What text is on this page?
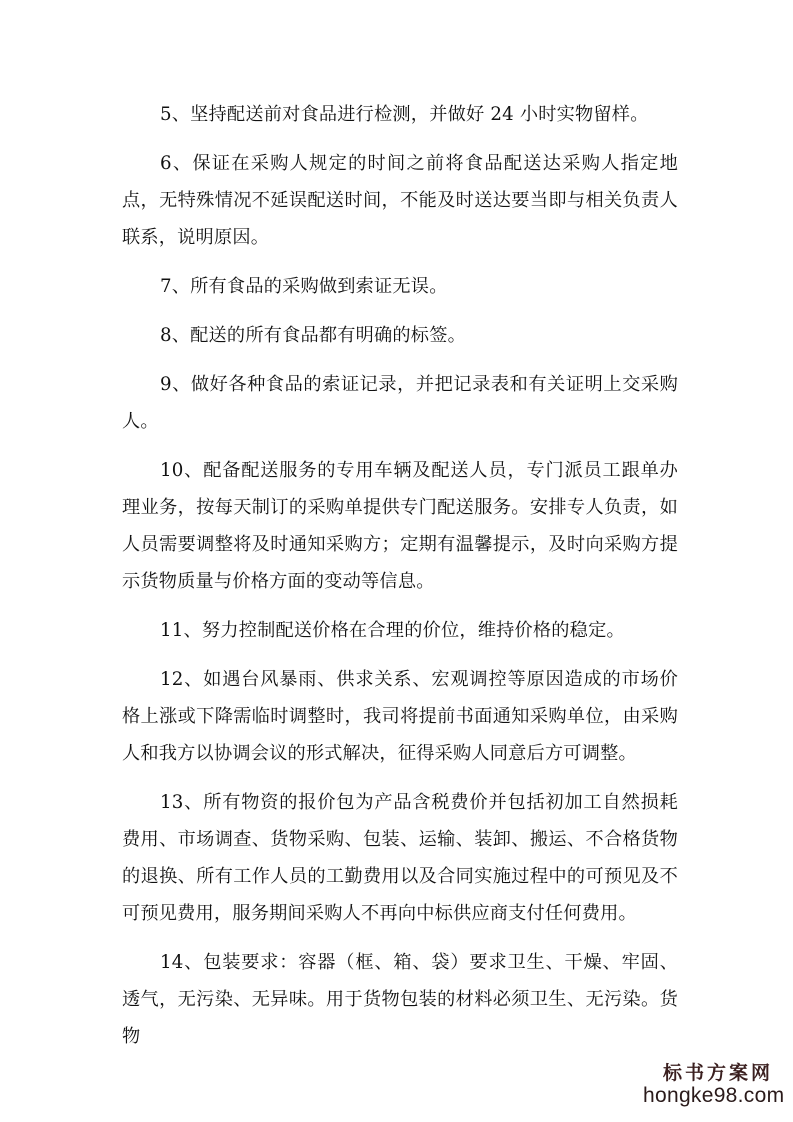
5、坚持配送前对食品进行检测，并做好 24 小时实物留样。

6、保证在采购人规定的时间之前将食品配送达采购人指定地点，无特殊情况不延误配送时间，不能及时送达要当即与相关负责人联系，说明原因。

7、所有食品的采购做到索证无误。

8、配送的所有食品都有明确的标签。

9、做好各种食品的索证记录，并把记录表和有关证明上交采购人。

10、配备配送服务的专用车辆及配送人员，专门派员工跟单办理业务，按每天制订的采购单提供专门配送服务。安排专人负责，如人员需要调整将及时通知采购方；定期有温馨提示，及时向采购方提示货物质量与价格方面的变动等信息。

11、努力控制配送价格在合理的价位，维持价格的稳定。

12、如遇台风暴雨、供求关系、宏观调控等原因造成的市场价格上涨或下降需临时调整时，我司将提前书面通知采购单位，由采购人和我方以协调会议的形式解决，征得采购人同意后方可调整。

13、所有物资的报价包为产品含税费价并包括初加工自然损耗费用、市场调查、货物采购、包装、运输、装卸、搬运、不合格货物的退换、所有工作人员的工勤费用以及合同实施过程中的可预见及不可预见费用，服务期间采购人不再向中标供应商支付任何费用。

14、包装要求：容器（框、箱、袋）要求卫生、干燥、牢固、透气，无污染、无异味。用于货物包装的材料必须卫生、无污染。货物

标书方案网
hongke98.com
